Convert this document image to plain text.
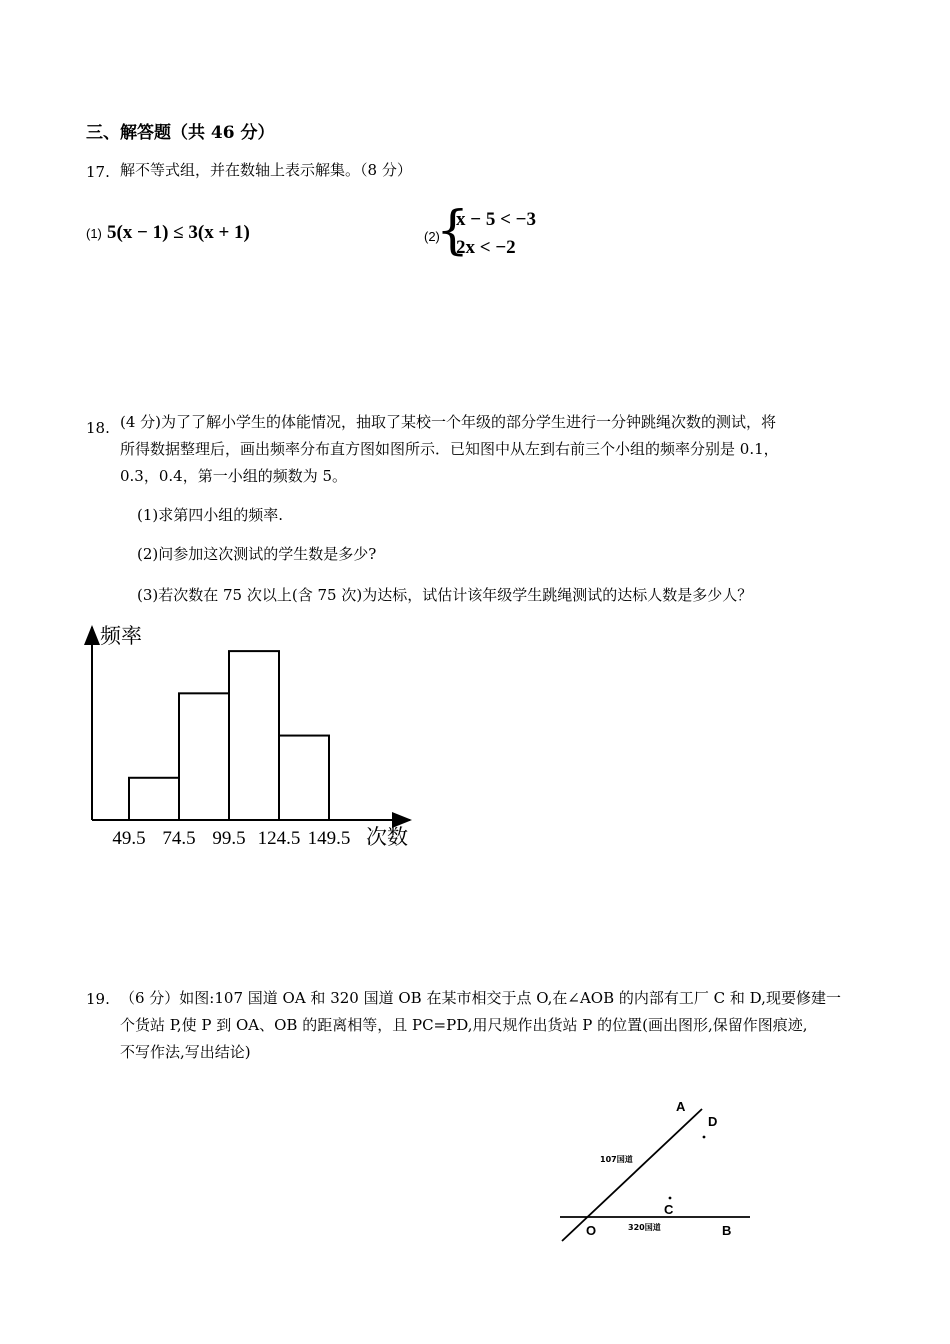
三、解答题（共 46 分）
17. 解不等式组，并在数轴上表示解集。（8 分）
(1) 5(x − 1) ≤ 3(x + 1)	(2)
{
x − 5 < −3
2x < −2
18. (4 分)为了了解小学生的体能情况，抽取了某校一个年级的部分学生进行一分钟跳绳次数的测试，将
所得数据整理后，画出频率分布直方图如图所示．已知图中从左到右前三个小组的频率分别是 0.1，
0.3，0.4，第一小组的频数为 5。
(1)求第四小组的频率.
(2)问参加这次测试的学生数是多少?
(3)若次数在 75 次以上(含 75 次)为达标，试估计该年级学生跳绳测试的达标人数是多少人？
频率
49.5 74.5 99.5 124.5 149.5 次数
19. （6 分）如图:107 国道 OA 和 320 国道 OB 在某市相交于点 O,在∠AOB 的内部有工厂 C 和 D,现要修建一
个货站 P,使 P 到 OA、OB 的距离相等，且 PC=PD,用尺规作出货站 P 的位置(画出图形,保留作图痕迹,
不写作法,写出结论)
A
D
107国道
C
O	320国道	B
